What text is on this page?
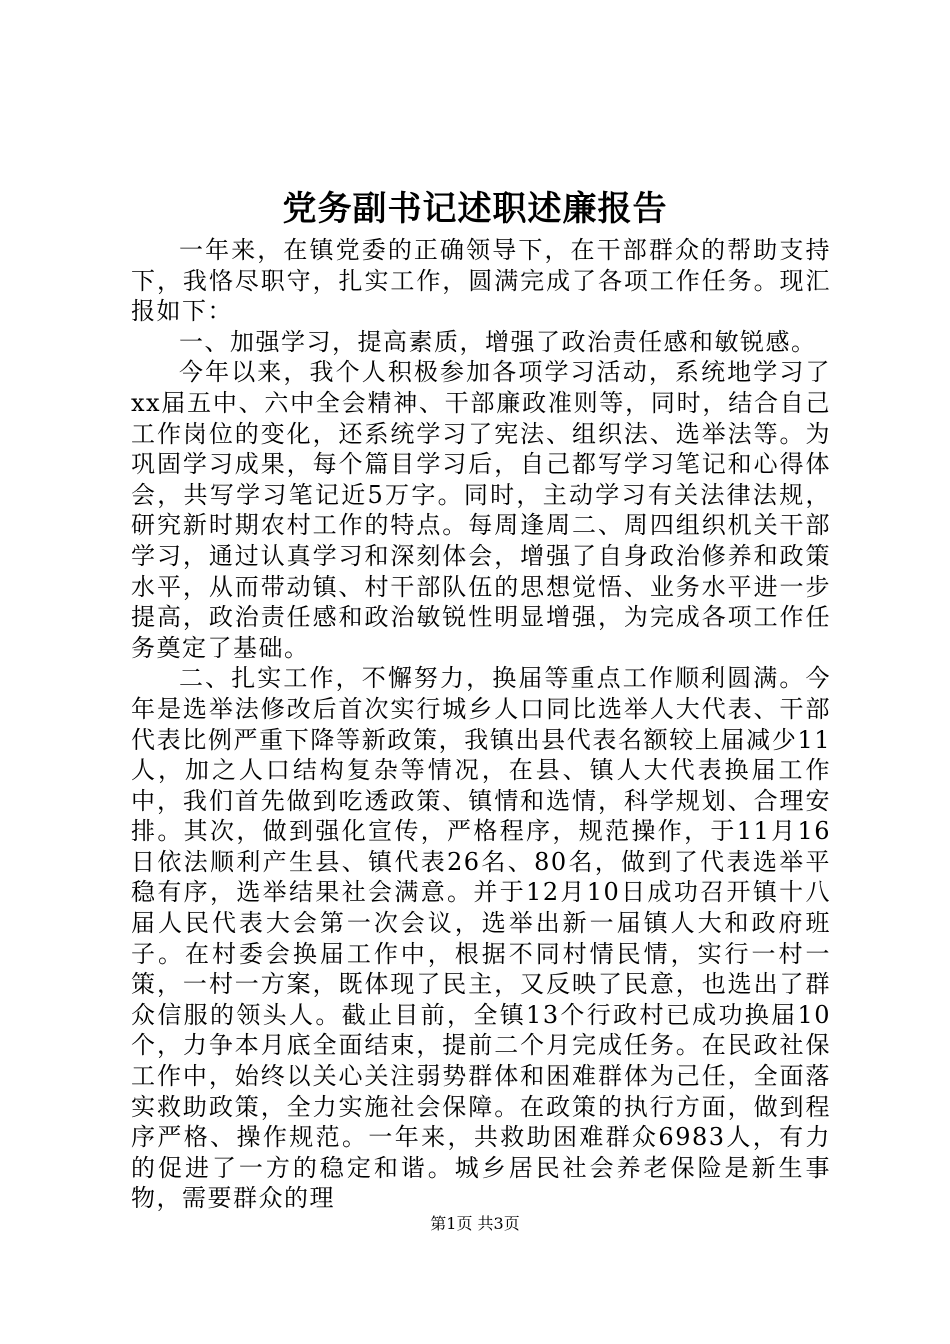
党务副书记述职述廉报告

一年来，在镇党委的正确领导下，在干部群众的帮助支持下，我恪尽职守，扎实工作，圆满完成了各项工作任务。现汇报如下：

一、加强学习，提高素质，增强了政治责任感和敏锐感。

今年以来，我个人积极参加各项学习活动，系统地学习了xx届五中、六中全会精神、干部廉政准则等，同时，结合自己工作岗位的变化，还系统学习了宪法、组织法、选举法等。为巩固学习成果，每个篇目学习后，自己都写学习笔记和心得体会，共写学习笔记近5万字。同时，主动学习有关法律法规，研究新时期农村工作的特点。每周逢周二、周四组织机关干部学习，通过认真学习和深刻体会，增强了自身政治修养和政策水平，从而带动镇、村干部队伍的思想觉悟、业务水平进一步提高，政治责任感和政治敏锐性明显增强，为完成各项工作任务奠定了基础。

二、扎实工作，不懈努力，换届等重点工作顺利圆满。今年是选举法修改后首次实行城乡人口同比选举人大代表、干部代表比例严重下降等新政策，我镇出县代表名额较上届减少11人，加之人口结构复杂等情况，在县、镇人大代表换届工作中，我们首先做到吃透政策、镇情和选情，科学规划、合理安排。其次，做到强化宣传，严格程序，规范操作，于11月16日依法顺利产生县、镇代表26名、80名，做到了代表选举平稳有序，选举结果社会满意。并于12月10日成功召开镇十八届人民代表大会第一次会议，选举出新一届镇人大和政府班子。在村委会换届工作中，根据不同村情民情，实行一村一策，一村一方案，既体现了民主，又反映了民意，也选出了群众信服的领头人。截止目前，全镇13个行政村已成功换届10个，力争本月底全面结束，提前二个月完成任务。在民政社保工作中，始终以关心关注弱势群体和困难群体为己任，全面落实救助政策，全力实施社会保障。在政策的执行方面，做到程序严格、操作规范。一年来，共救助困难群众6983人，有力的促进了一方的稳定和谐。城乡居民社会养老保险是新生事物，需要群众的理

第1页 共3页
